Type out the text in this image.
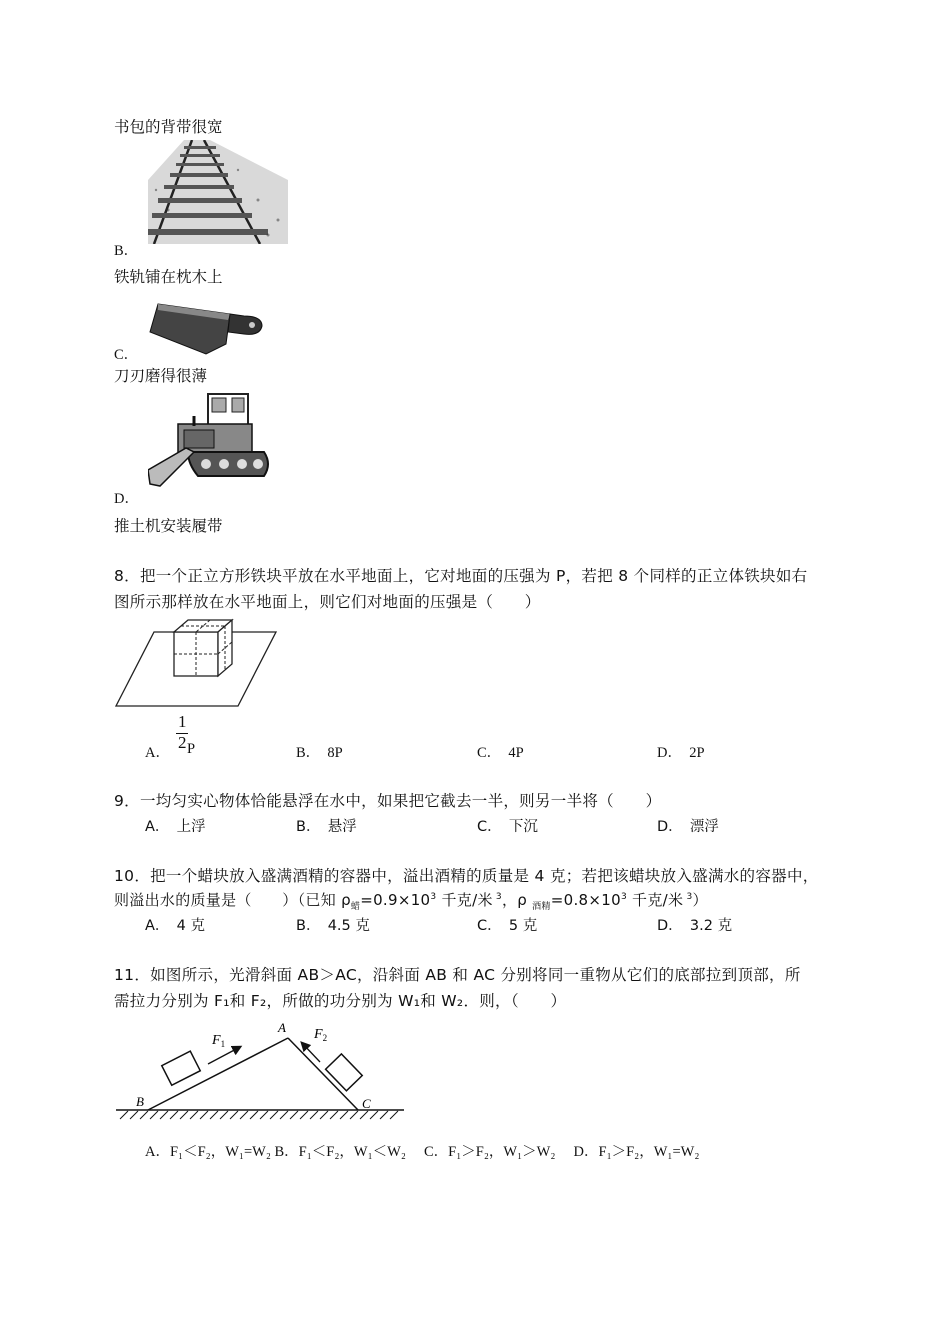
书包的背带很宽
B．
铁轨铺在枕木上
C．
刀刃磨得很薄
D．
推土机安装履带
8．把一个正立方形铁块平放在水平地面上，它对地面的压强为 P，若把 8 个同样的正立体铁块如右
图所示那样放在水平地面上，则它们对地面的压强是（　　）
A．
1
2 P	B．　8P	C．　4P	D．　2P
9．一均匀实心物体恰能悬浮在水中，如果把它截去一半，则另一半将（　　）
A．　上浮	B．　悬浮	C．　下沉	D．　漂浮
10．把一个蜡块放入盛满酒精的容器中，溢出酒精的质量是 4 克；若把该蜡块放入盛满水的容器中，
则溢出水的质量是（　　）（已知 $\rho_蜡=0.9\times 10^3$ 千克/米 $^3$，ρ $_{酒精}=0.8\times 10^3$ 千克/米 $^3$）
A．　4 克	B．　4.5 克	C．　5 克	D．　3.2 克
11．如图所示，光滑斜面 AB＞AC，沿斜面 AB 和 AC 分别将同一重物从它们的底部拉到顶部，所
需拉力分别为 F₁和 F₂，所做的功分别为 W₁和 W₂．则，（　　）
$F_1$
$F_2$
A
B	C
A．F₁＜F₂，W₁=W₂ B．F₁＜F₂，W₁＜W₂　 C．F₁＞F₂，W₁＞W₂　 D．F₁＞F₂，W₁=W₂
